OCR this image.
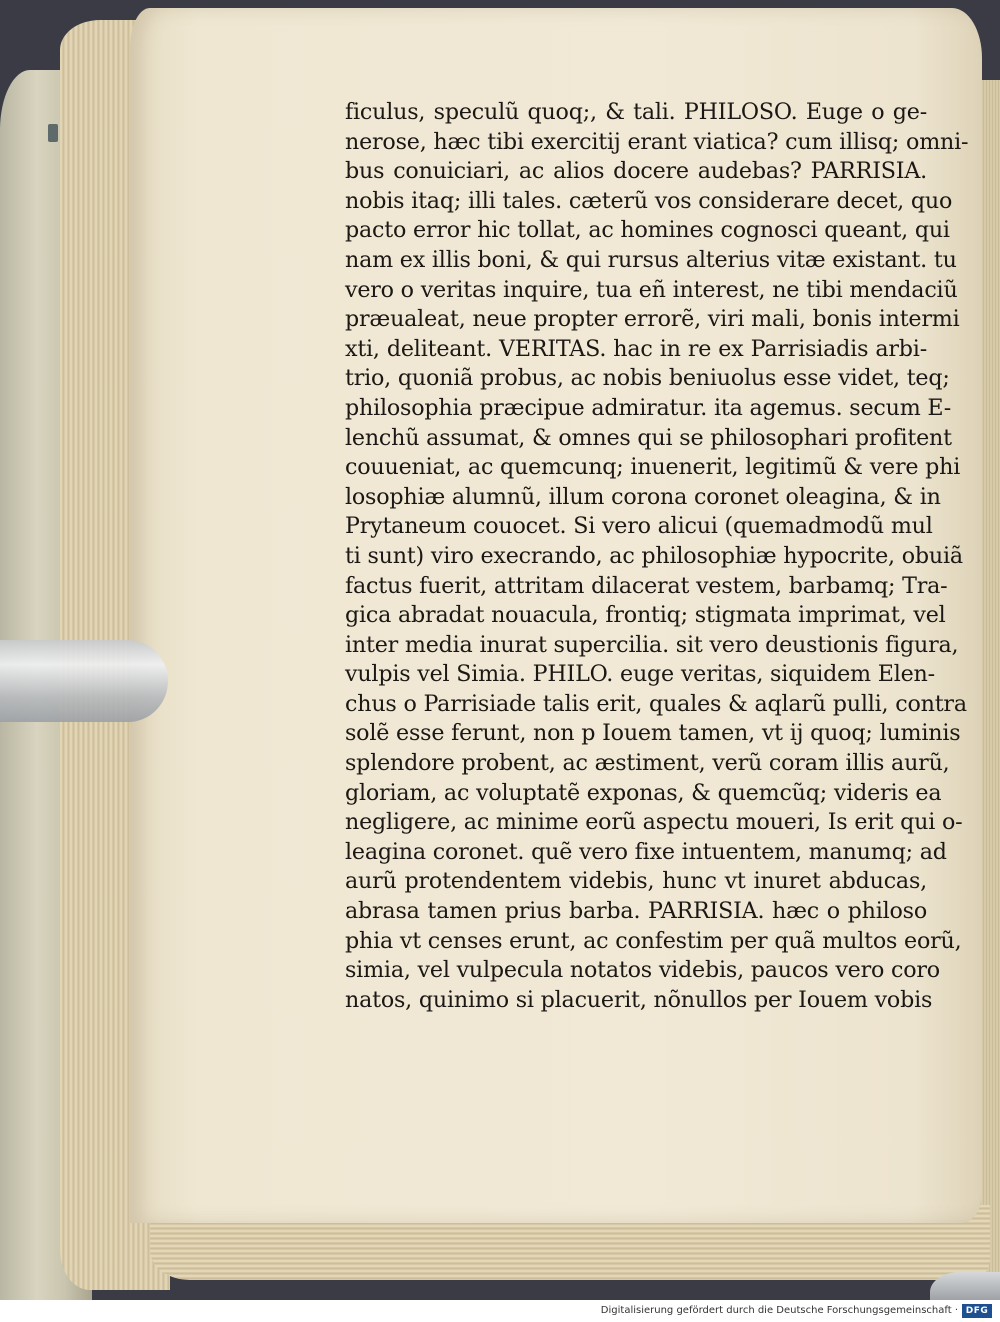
ficulus, speculũ quoq;, & tali. PHILOSO. Euge o ge-
nerose, hæc tibi exercitij erant viatica? cum illisq; omni-
bus conuiciari, ac alios docere audebas? PARRISIA.
nobis itaq; illi tales. cæterũ vos considerare decet, quo
pacto error hic tollat, ac homines cognosci queant, qui
nam ex illis boni, & qui rursus alterius vitæ existant. tu
vero o veritas inquire, tua eñ interest, ne tibi mendaciũ
præualeat, neue propter errorẽ, viri mali, bonis intermi
xti, deliteant. VERITAS. hac in re ex Parrisiadis arbi-
trio, quoniã probus, ac nobis beniuolus esse videt, teq;
philosophia præcipue admiratur. ita agemus. secum E-
lenchũ assumat, & omnes qui se philosophari profitent
couueniat, ac quemcunq; inuenerit, legitimũ & vere phi
losophiæ alumnũ, illum corona coronet oleagina, & in
Prytaneum couocet. Si vero alicui (quemadmodũ mul
ti sunt) viro execrando, ac philosophiæ hypocrite, obuiã
factus fuerit, attritam dilacerat vestem, barbamq; Tra-
gica abradat nouacula, frontiq; stigmata imprimat, vel
inter media inurat supercilia. sit vero deustionis figura,
vulpis vel Simia. PHILO. euge veritas, siquidem Elen-
chus o Parrisiade talis erit, quales & aqlarũ pulli, contra
solẽ esse ferunt, non p Iouem tamen, vt ij quoq; luminis
splendore probent, ac æstiment, verũ coram illis aurũ,
gloriam, ac voluptatẽ exponas, & quemcũq; videris ea
negligere, ac minime eorũ aspectu moueri, Is erit qui o-
leagina coronet. quẽ vero fixe intuentem, manumq; ad
aurũ protendentem videbis, hunc vt inuret abducas,
abrasa tamen prius barba. PARRISIA. hæc o philoso
phia vt censes erunt, ac confestim per quã multos eorũ,
simia, vel vulpecula notatos videbis, paucos vero coro
natos, quinimo si placuerit, nõnullos per Iouem vobis
Digitalisierung gefördert durch die Deutsche Forschungsgemeinschaft · DFG
